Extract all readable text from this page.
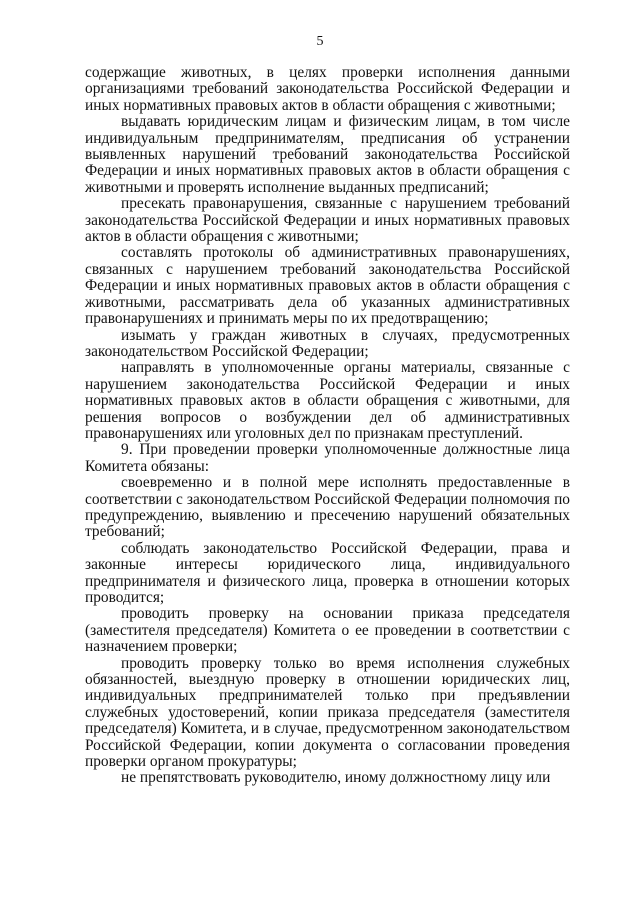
5

содержащие животных, в целях проверки исполнения данными организациями требований законодательства Российской Федерации и иных нормативных правовых актов в области обращения с животными;

выдавать юридическим лицам и физическим лицам, в том числе индивидуальным предпринимателям, предписания об устранении выявленных нарушений требований законодательства Российской Федерации и иных нормативных правовых актов в области обращения с животными и проверять исполнение выданных предписаний;

пресекать правонарушения, связанные с нарушением требований законодательства Российской Федерации и иных нормативных правовых актов в области обращения с животными;

составлять протоколы об административных правонарушениях, связанных с нарушением требований законодательства Российской Федерации и иных нормативных правовых актов в области обращения с животными, рассматривать дела об указанных административных правонарушениях и принимать меры по их предотвращению;

изымать у граждан животных в случаях, предусмотренных законодательством Российской Федерации;

направлять в уполномоченные органы материалы, связанные с нарушением законодательства Российской Федерации и иных нормативных правовых актов в области обращения с животными, для решения вопросов о возбуждении дел об административных правонарушениях или уголовных дел по признакам преступлений.

9. При проведении проверки уполномоченные должностные лица Комитета обязаны:

своевременно и в полной мере исполнять предоставленные в соответствии с законодательством Российской Федерации полномочия по предупреждению, выявлению и пресечению нарушений обязательных требований;

соблюдать законодательство Российской Федерации, права и законные интересы юридического лица, индивидуального предпринимателя и физического лица, проверка в отношении которых проводится;

проводить проверку на основании приказа председателя (заместителя председателя) Комитета о ее проведении в соответствии с назначением проверки;

проводить проверку только во время исполнения служебных обязанностей, выездную проверку в отношении юридических лиц, индивидуальных предпринимателей только при предъявлении служебных удостоверений, копии приказа председателя (заместителя председателя) Комитета, и в случае, предусмотренном законодательством Российской Федерации, копии документа о согласовании проведения проверки органом прокуратуры;

не препятствовать руководителю, иному должностному лицу или
